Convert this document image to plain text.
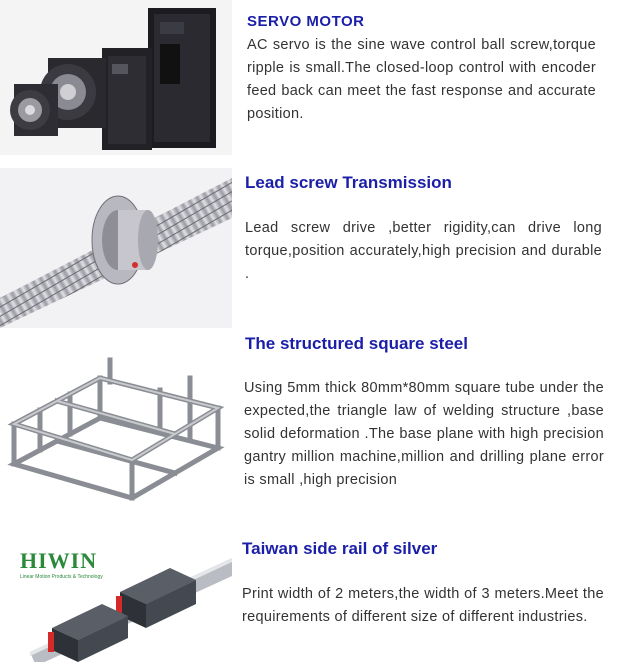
SERVO MOTOR
AC servo is the sine wave control ball screw,torque ripple is small.The closed-loop control with encoder feed back can meet the fast response and accurate position.
Lead screw Transmission
Lead screw drive ,better rigidity,can drive long torque,position accurately,high precision and durable .
The structured square steel
Using 5mm thick 80mm*80mm square tube under the expected,the triangle law of welding structure ,base solid deformation .The base plane with high precision gantry million machine,million and drilling plane error is small ,high precision
HIWIN
Linear Motion Products & Technology
Taiwan side rail of silver
Print width of 2 meters,the width of 3 meters.Meet the requirements of different size of different industries.
